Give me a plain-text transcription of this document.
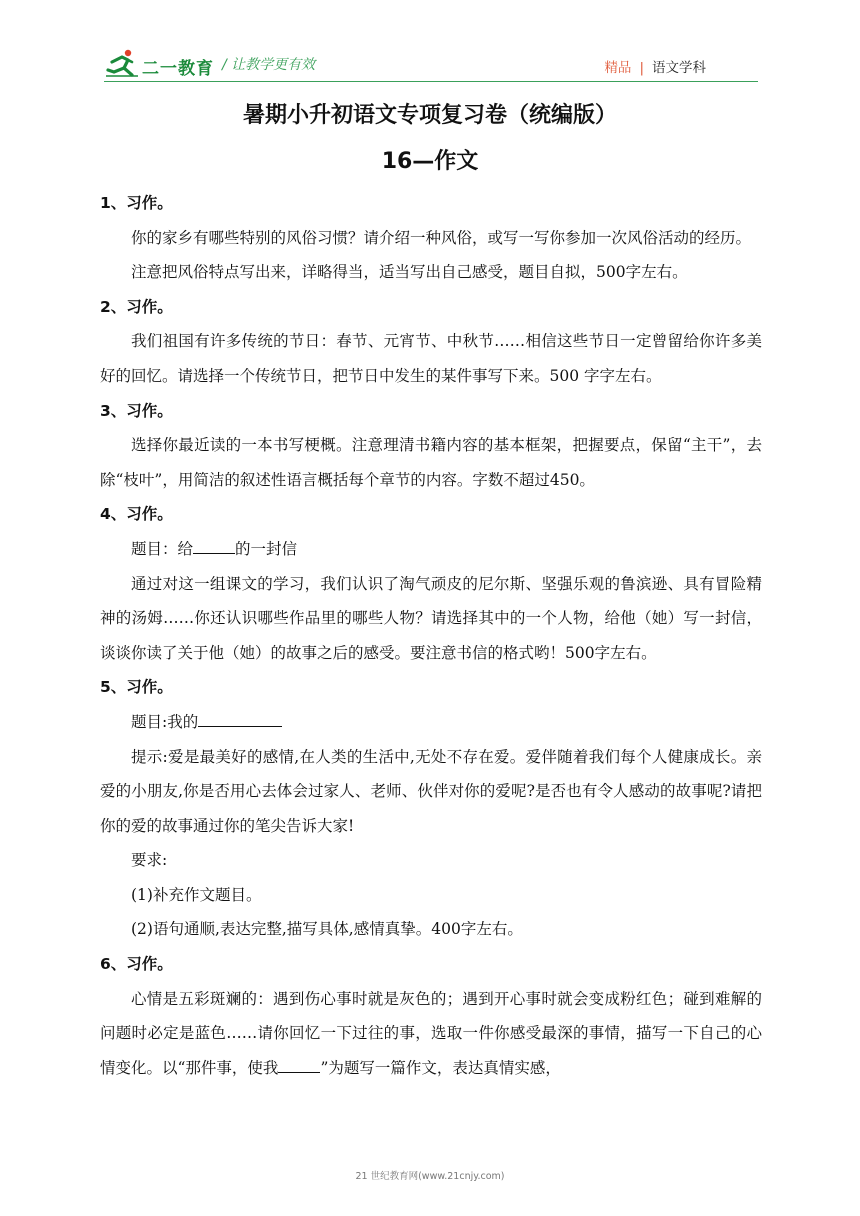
二一教育 / 让教学更有效	精品 | 语文学科
暑期小升初语文专项复习卷（统编版）
16—作文
1、习作。

你的家乡有哪些特别的风俗习惯？请介绍一种风俗，或写一写你参加一次风俗活动的经历。

注意把风俗特点写出来，详略得当，适当写出自己感受，题目自拟，500字左右。

2、习作。

我们祖国有许多传统的节日：春节、元宵节、中秋节……相信这些节日一定曾留给你许多美好的回忆。请选择一个传统节日，把节日中发生的某件事写下来。500 字字左右。

3、习作。

选择你最近读的一本书写梗概。注意理清书籍内容的基本框架，把握要点，保留“主干”，去除“枝叶”，用简洁的叙述性语言概括每个章节的内容。字数不超过450。

4、习作。

题目：给	的一封信

通过对这一组课文的学习，我们认识了淘气顽皮的尼尔斯、坚强乐观的鲁滨逊、具有冒险精神的汤姆……你还认识哪些作品里的哪些人物？请选择其中的一个人物，给他（她）写一封信，谈谈你读了关于他（她）的故事之后的感受。要注意书信的格式哟！500字左右。

5、习作。

题目:我的

提示:爱是最美好的感情,在人类的生活中,无处不存在爱。爱伴随着我们每个人健康成长。亲爱的小朋友,你是否用心去体会过家人、老师、伙伴对你的爱呢?是否也有令人感动的故事呢?请把你的爱的故事通过你的笔尖告诉大家!

要求:

(1)补充作文题目。

(2)语句通顺,表达完整,描写具体,感情真挚。400字左右。

6、习作。

心情是五彩斑斓的：遇到伤心事时就是灰色的；遇到开心事时就会变成粉红色；碰到难解的问题时必定是蓝色……请你回忆一下过往的事，选取一件你感受最深的事情，描写一下自己的心情变化。以“那件事，使我	”为题写一篇作文，表达真情实感，

21 世纪教育网(www.21cnjy.com)
